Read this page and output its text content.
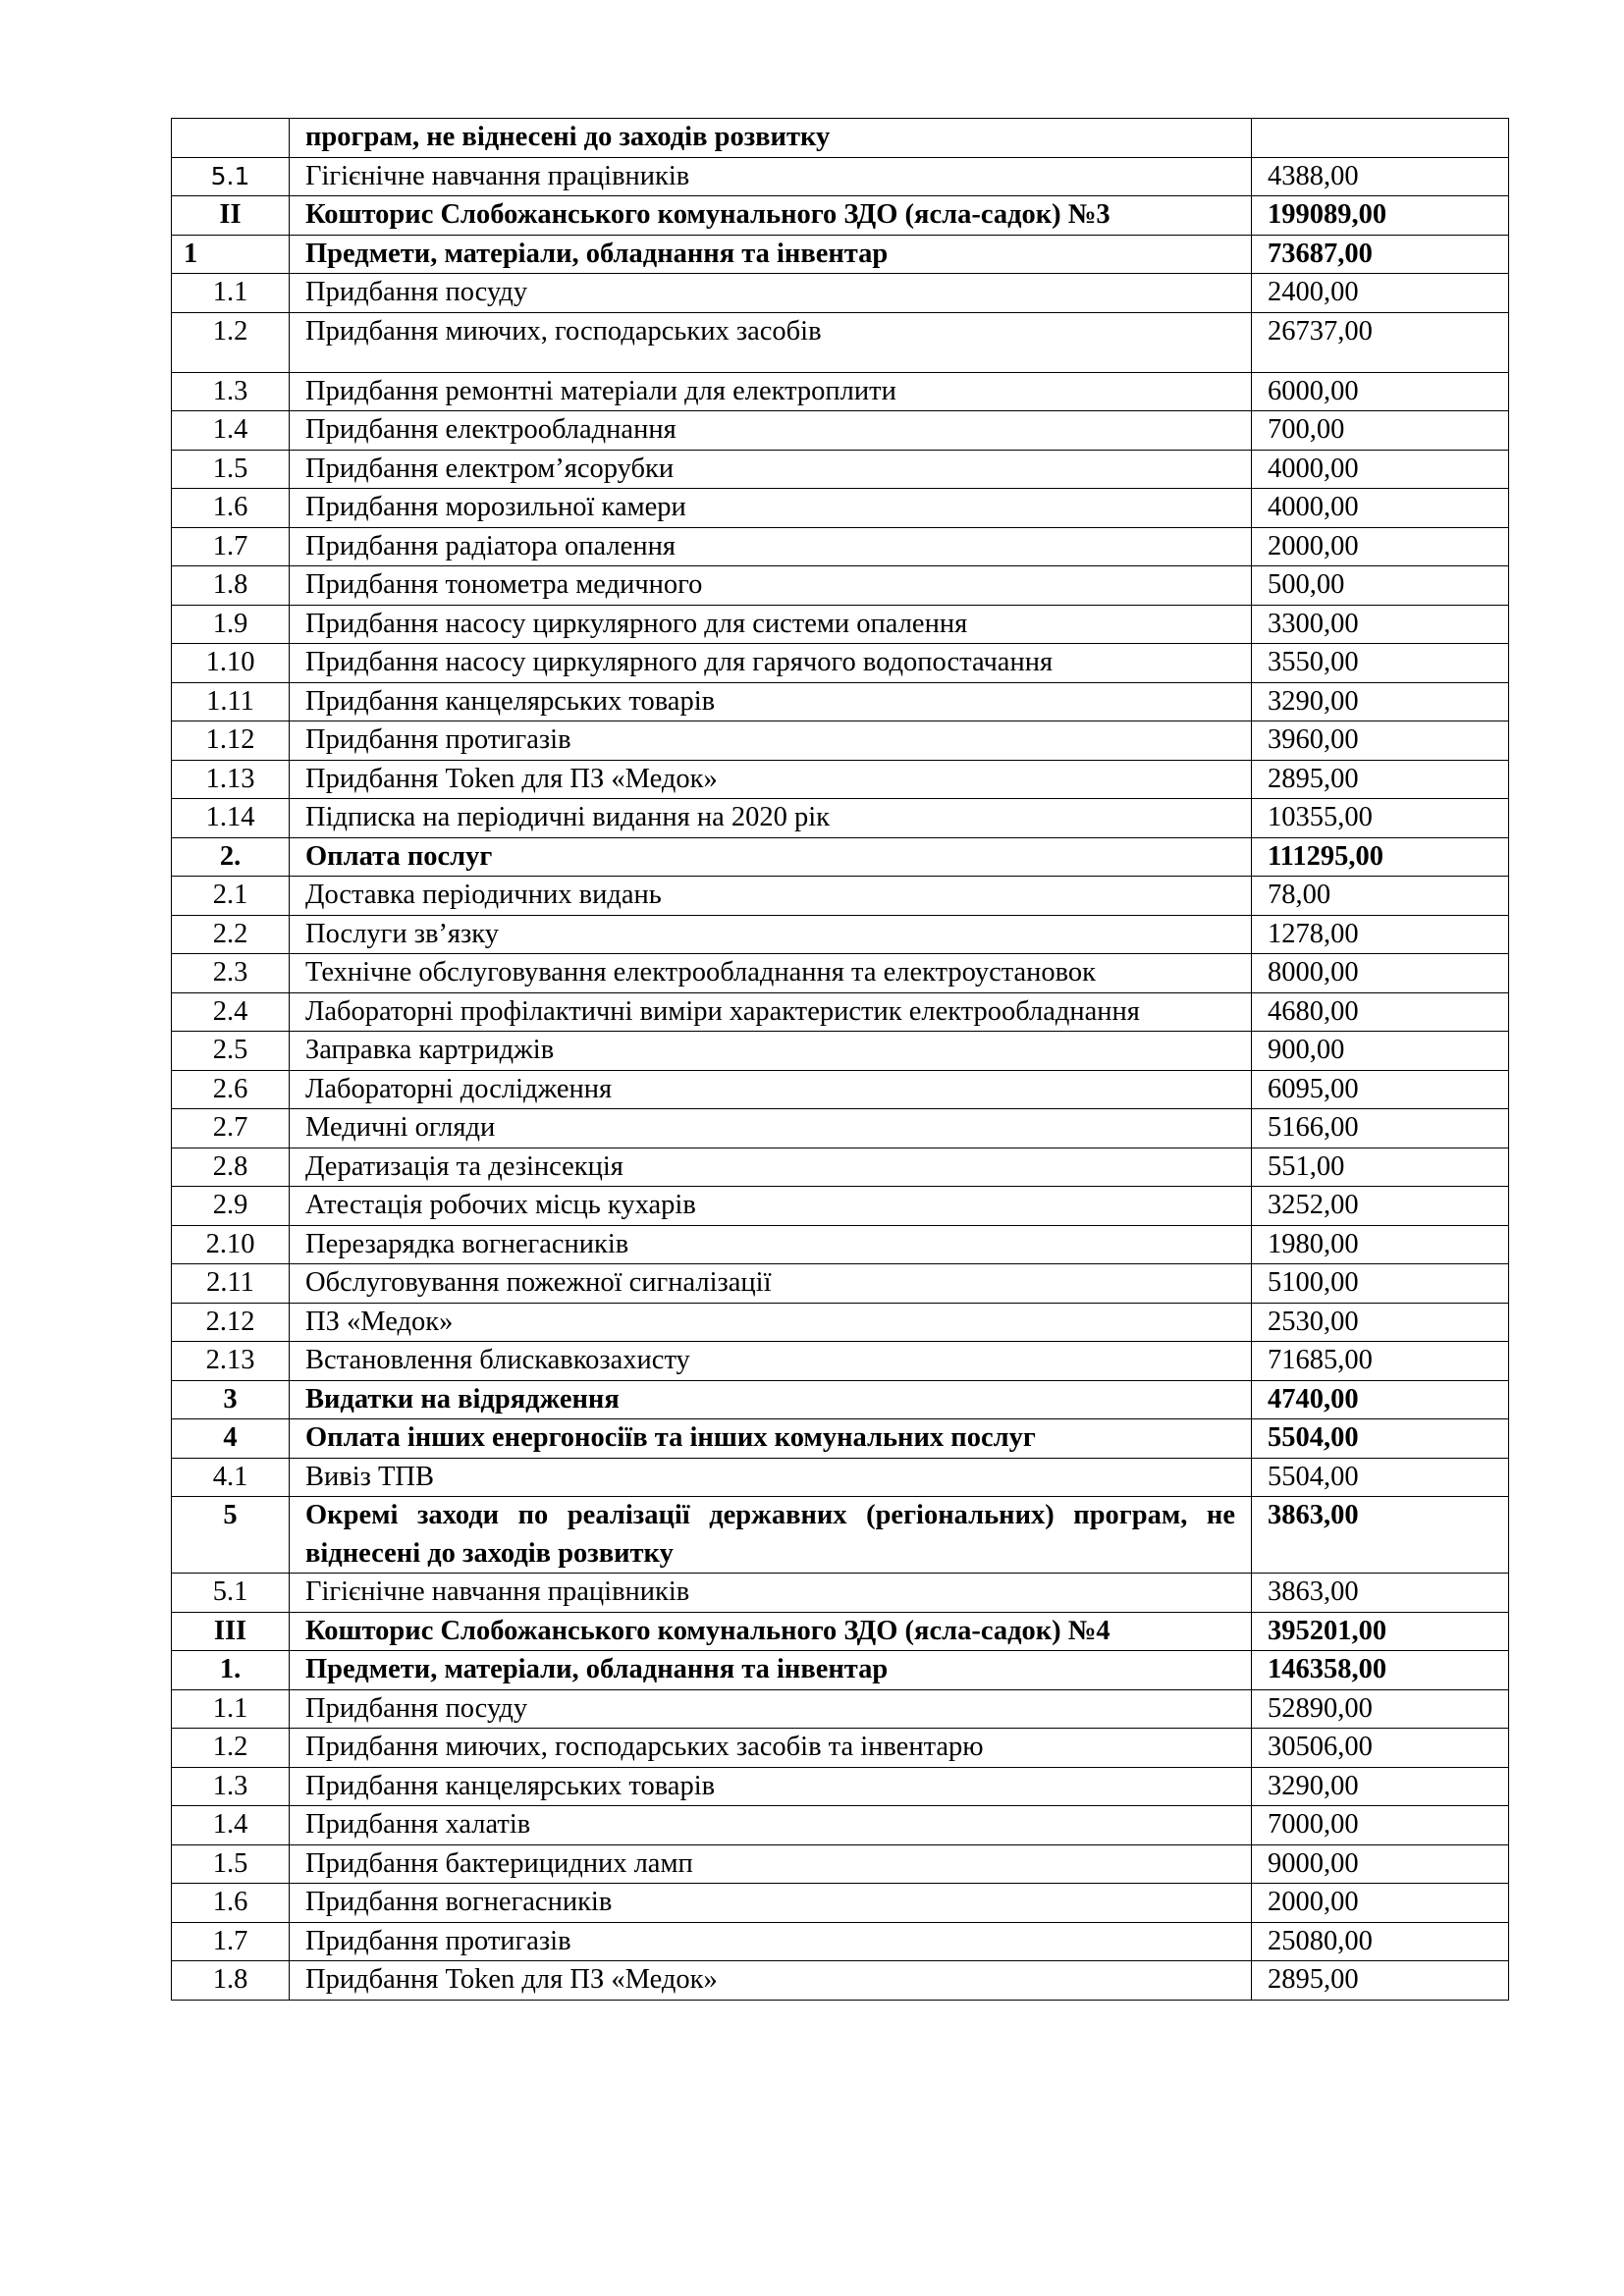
	програм, не віднесені до заходів розвитку	
5.1	Гігієнічне навчання працівників	4388,00
ІІ	Кошторис Слобожанського комунального ЗДО (ясла-садок) №3	199089,00
1	Предмети, матеріали, обладнання та інвентар	73687,00
1.1	Придбання посуду	2400,00
1.2	Придбання миючих, господарських засобів	26737,00
1.3	Придбання ремонтні матеріали для електроплити	6000,00
1.4	Придбання електрообладнання	700,00
1.5	Придбання електром’ясорубки	4000,00
1.6	Придбання морозильної камери	4000,00
1.7	Придбання радіатора опалення	2000,00
1.8	Придбання тонометра медичного	500,00
1.9	Придбання насосу циркулярного для системи опалення	3300,00
1.10	Придбання насосу циркулярного для гарячого водопостачання	3550,00
1.11	Придбання канцелярських товарів	3290,00
1.12	Придбання протигазів	3960,00
1.13	Придбання Token для ПЗ «Медок»	2895,00
1.14	Підписка на періодичні видання на 2020 рік	10355,00
2.	Оплата послуг	111295,00
2.1	Доставка періодичних видань	78,00
2.2	Послуги зв’язку	1278,00
2.3	Технічне обслуговування електрообладнання та електроустановок	8000,00
2.4	Лабораторні профілактичні виміри характеристик електрообладнання	4680,00
2.5	Заправка картриджів	900,00
2.6	Лабораторні дослідження	6095,00
2.7	Медичні огляди	5166,00
2.8	Дератизація та дезінсекція	551,00
2.9	Атестація робочих місць кухарів	3252,00
2.10	Перезарядка вогнегасників	1980,00
2.11	Обслуговування пожежної сигналізації	5100,00
2.12	ПЗ «Медок»	2530,00
2.13	Встановлення блискавкозахисту	71685,00
3	Видатки на відрядження	4740,00
4	Оплата інших енергоносіїв та інших комунальних послуг	5504,00
4.1	Вивіз ТПВ	5504,00
5	Окремі заходи по реалізації державних (регіональних) програм, не віднесені до заходів розвитку	3863,00
5.1	Гігієнічне навчання працівників	3863,00
ІІІ	Кошторис Слобожанського комунального ЗДО (ясла-садок) №4	395201,00
1.	Предмети, матеріали, обладнання та інвентар	146358,00
1.1	Придбання посуду	52890,00
1.2	Придбання миючих, господарських засобів та інвентарю	30506,00
1.3	Придбання канцелярських товарів	3290,00
1.4	Придбання халатів	7000,00
1.5	Придбання бактерицидних ламп	9000,00
1.6	Придбання вогнегасників	2000,00
1.7	Придбання протигазів	25080,00
1.8	Придбання Token для ПЗ «Медок»	2895,00
